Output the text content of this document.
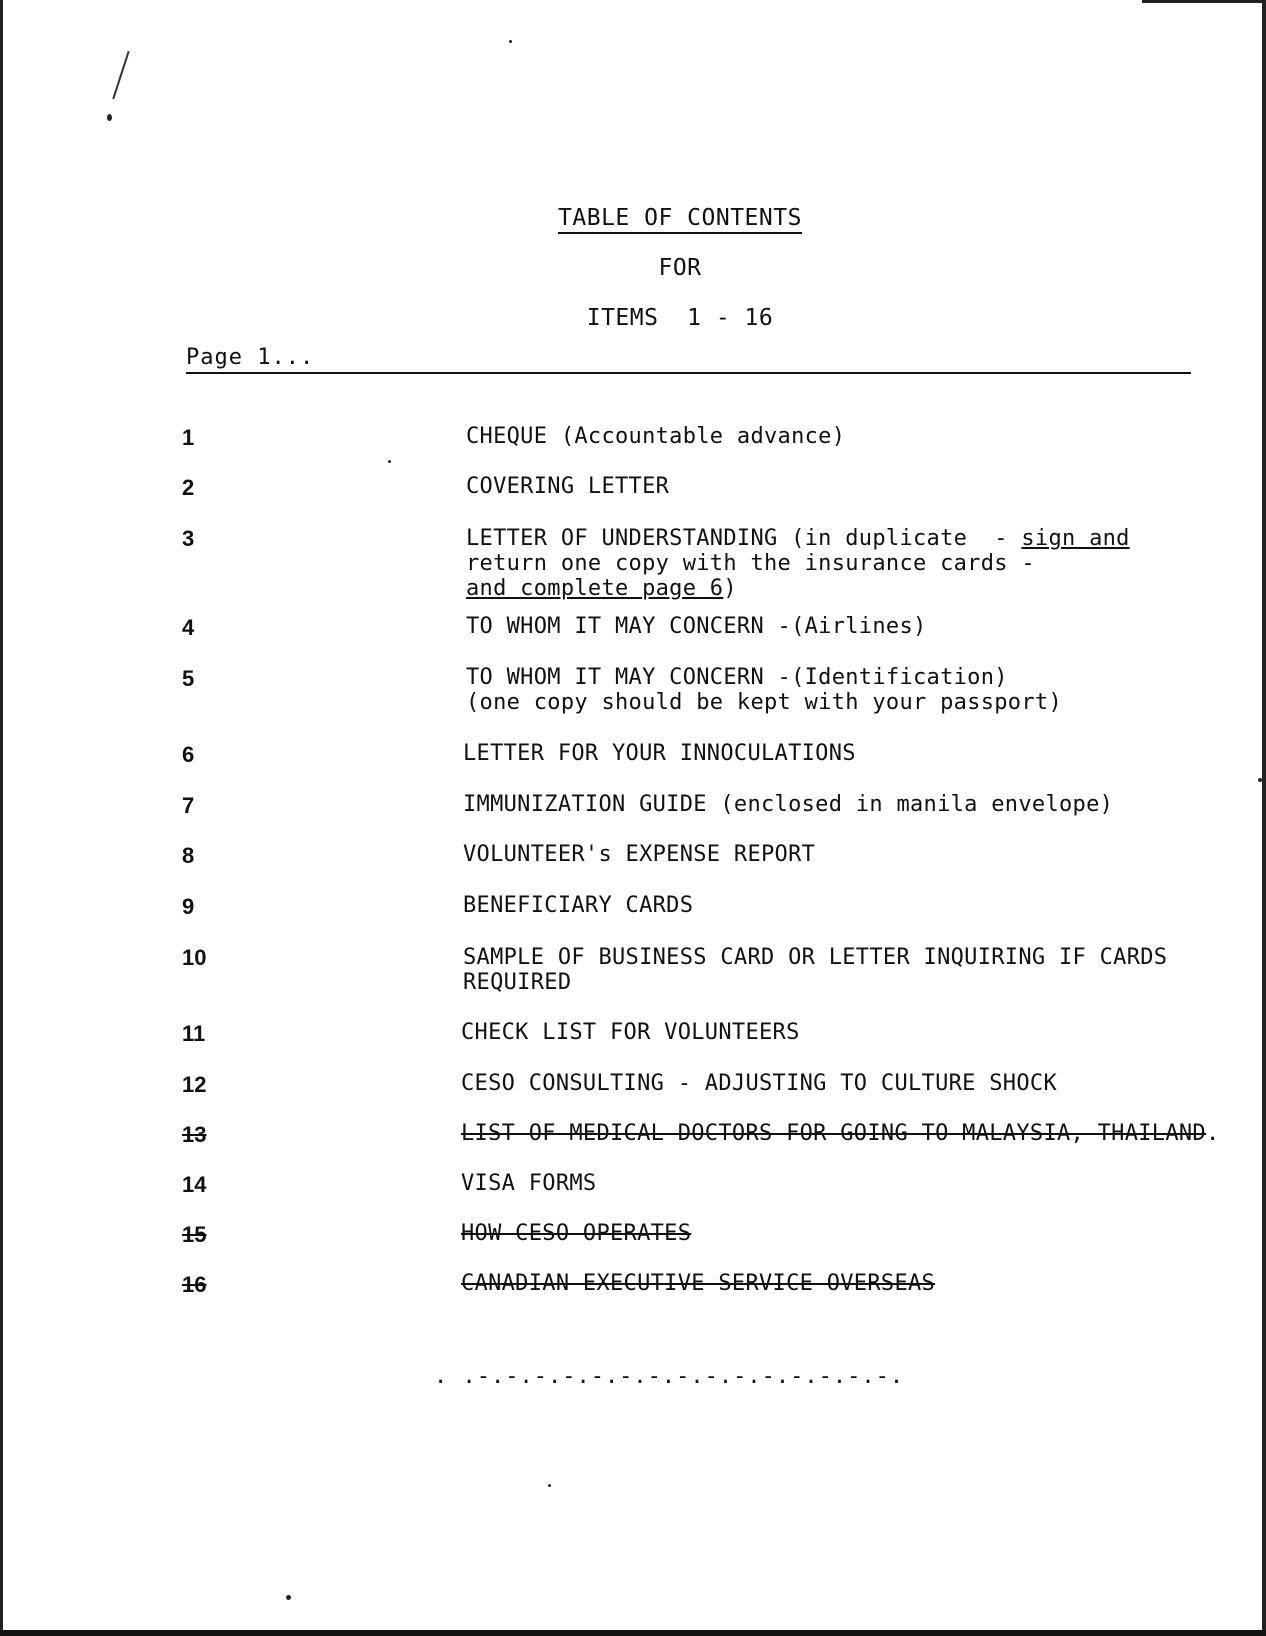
TABLE OF CONTENTS
FOR
ITEMS  1 - 16
Page 1...
1	CHEQUE (Accountable advance)
2	COVERING LETTER
3	LETTER OF UNDERSTANDING (in duplicate  - sign and
return one copy with the insurance cards -
and complete page 6)
4	TO WHOM IT MAY CONCERN -(Airlines)
5	TO WHOM IT MAY CONCERN -(Identification)
(one copy should be kept with your passport)
6	LETTER FOR YOUR INNOCULATIONS
7	IMMUNIZATION GUIDE (enclosed in manila envelope)
8	VOLUNTEER's EXPENSE REPORT
9	BENEFICIARY CARDS
10	SAMPLE OF BUSINESS CARD OR LETTER INQUIRING IF CARDS
REQUIRED
11	CHECK LIST FOR VOLUNTEERS
12	CESO CONSULTING - ADJUSTING TO CULTURE SHOCK
13	LIST OF MEDICAL DOCTORS FOR GOING TO MALAYSIA, THAILAND.
14	VISA FORMS
15	HOW CESO OPERATES
16	CANADIAN EXECUTIVE SERVICE OVERSEAS
. .-.-.-.-.-.-.-.-.-.-.-.-.-.-.-.
